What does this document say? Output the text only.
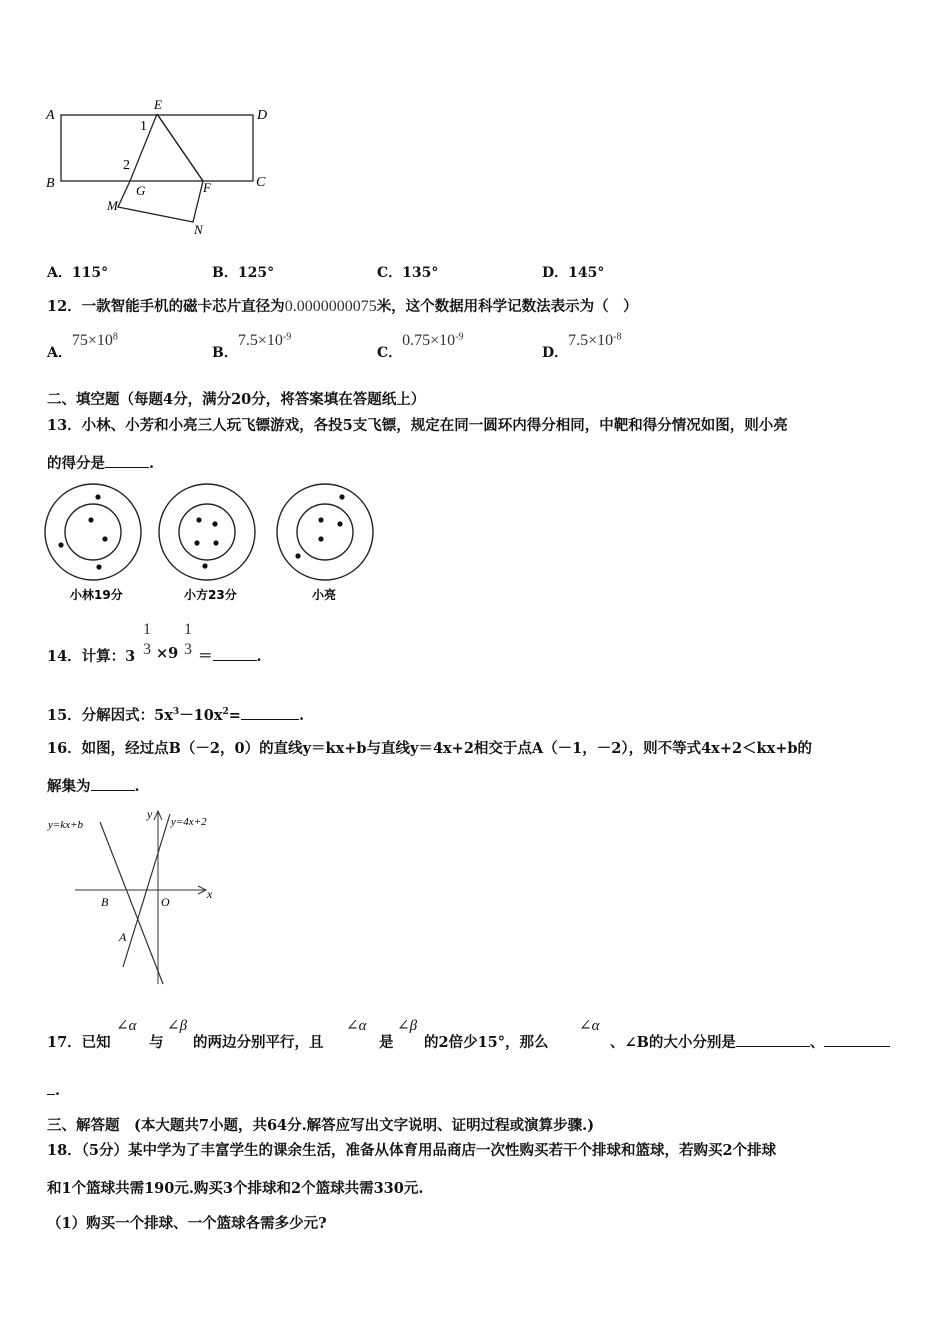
A
E
D
B	C
G	F
M
N
1
2
A．115°	B．125°	C．135°	D．145°
12．一款智能手机的磁卡芯片直径为0.0000000075米，这个数据用科学记数法表示为（　）
A．$75\times 10^8$
B．$7.5\times 10^{-9}$
C．$0.75\times 10^{-9}$
D．$7.5\times 10^{-8}$
二、填空题（每题4分，满分20分，将答案填在答题纸上）
13．小林、小芳和小亮三人玩飞镖游戏，各投5支飞镖，规定在同一圆环内得分相同，中靶和得分情况如图，则小亮
的得分是	.
小林19分	小方23分	小亮
14．计算：3
1
3 ×9
1
3 ＝	.
15．分解因式：$5x^3-10x^2=$	.
16．如图，经过点B（－2，0）的直线y＝kx+b与直线y＝4x+2相交于点A（－1，－2），则不等式4x+2＜kx+b的
解集为	.
y=kx+b	y=4x+2
x
y
B	O
A
17．已知
∠α
与
∠β
的两边分别平行，且
∠α
是
∠β
的2倍少15°，那么
∠α
、∠B的大小分别是	、
.
三、解答题　(本大题共7小题，共64分.解答应写出文字说明、证明过程或演算步骤.)
18．（5分）某中学为了丰富学生的课余生活，准备从体育用品商店一次性购买若干个排球和篮球，若购买2个排球
和1个篮球共需190元.购买3个排球和2个篮球共需330元.
（1）购买一个排球、一个篮球各需多少元?
